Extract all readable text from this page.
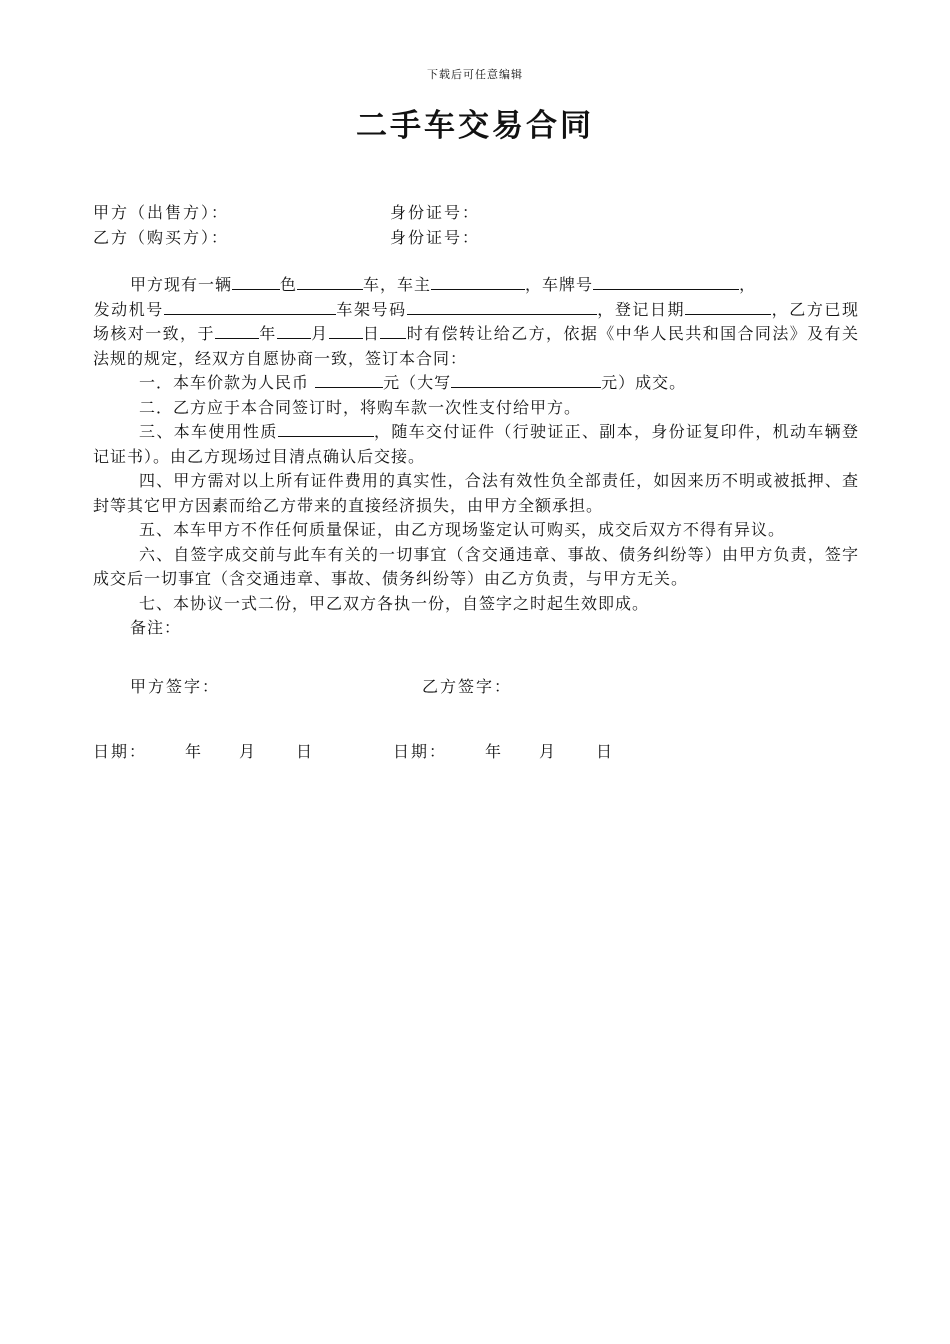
下载后可任意编辑
二手车交易合同
甲方（出售方）：	身份证号：
乙方（购买方）：	身份证号：

甲方现有一辆	色	车，车主	，车牌号	，
发动机号	车架号码	，登记日期	，乙方已现场核对一致，于	年 月 日 时有偿转让给乙方，依据《中华人民共和国合同法》及有关法规的规定，经双方自愿协商一致，签订本合同：

一．本车价款为人民币	元（大写	元）成交。

二．乙方应于本合同签订时，将购车款一次性支付给甲方。

三、本车使用性质	，随车交付证件（行驶证正、副本，身份证复印件，机动车辆登记证书）。由乙方现场过目清点确认后交接。

四、甲方需对以上所有证件费用的真实性，合法有效性负全部责任，如因来历不明或被抵押、查封等其它甲方因素而给乙方带来的直接经济损失，由甲方全额承担。

五、本车甲方不作任何质量保证，由乙方现场鉴定认可购买，成交后双方不得有异议。

六、自签字成交前与此车有关的一切事宜（含交通违章、事故、债务纠纷等）由甲方负责，签字成交后一切事宜（含交通违章、事故、债务纠纷等）由乙方负责，与甲方无关。

七、本协议一式二份，甲乙双方各执一份，自签字之时起生效即成。

备注：

甲方签字：	乙方签字：
日期： 年 月 日	日期： 年 月 日
